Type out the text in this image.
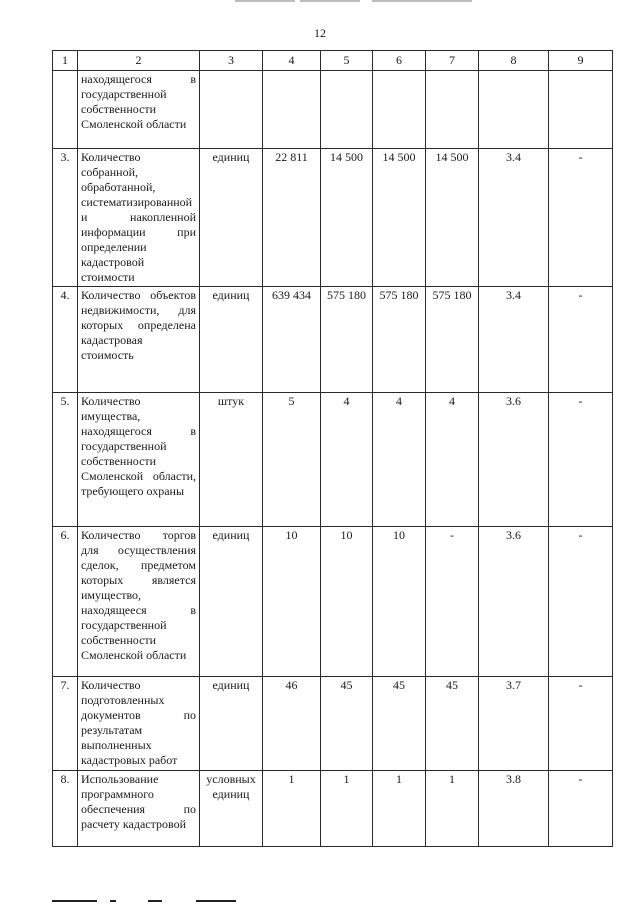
12
1	2	3	4	5	6	7	8	9
	находящегося в государственной собственности Смоленской области							
3.	Количество собранной, обработанной, систематизированной и накопленной информации при определении кадастровой стоимости	единиц	22 811	14 500	14 500	14 500	3.4	-
4.	Количество объектов недвижимости, для которых определена кадастровая стоимость	единиц	639 434	575 180	575 180	575 180	3.4	-
5.	Количество имущества, находящегося в государственной собственности Смоленской области, требующего охраны	штук	5	4	4	4	3.6	-
6.	Количество торгов для осуществления сделок, предметом которых является имущество, находящееся в государственной собственности Смоленской области	единиц	10	10	10	-	3.6	-
7.	Количество подготовленных документов по результатам выполненных кадастровых работ	единиц	46	45	45	45	3.7	-
8.	Использование программного обеспечения по расчету кадастровой	условных единиц	1	1	1	1	3.8	-
